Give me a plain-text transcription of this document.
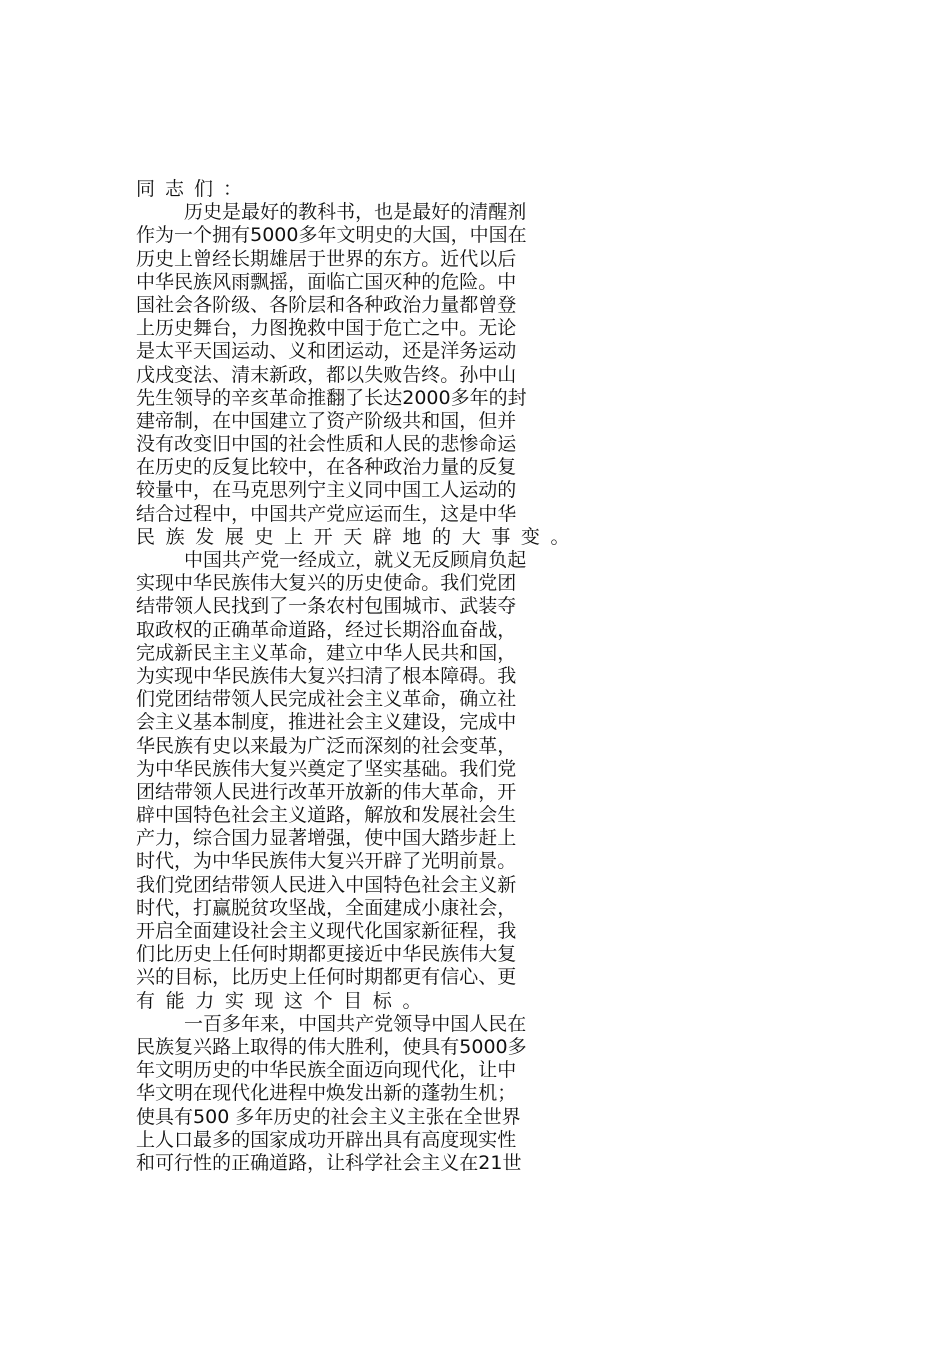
同志们：
历史是最好的教科书，也是最好的清醒剂
作为一个拥有5000多年文明史的大国，中国在
历史上曾经长期雄居于世界的东方。近代以后
中华民族风雨飘摇，面临亡国灭种的危险。中
国社会各阶级、各阶层和各种政治力量都曾登
上历史舞台，力图挽救中国于危亡之中。无论
是太平天国运动、义和团运动，还是洋务运动
戊戌变法、清末新政，都以失败告终。孙中山
先生领导的辛亥革命推翻了长达2000多年的封
建帝制，在中国建立了资产阶级共和国，但并
没有改变旧中国的社会性质和人民的悲惨命运
在历史的反复比较中，在各种政治力量的反复
较量中，在马克思列宁主义同中国工人运动的
结合过程中，中国共产党应运而生，这是中华
民族发展史上开天辟地的大事变。
中国共产党一经成立，就义无反顾肩负起
实现中华民族伟大复兴的历史使命。我们党团
结带领人民找到了一条农村包围城市、武装夺
取政权的正确革命道路，经过长期浴血奋战，
完成新民主主义革命，建立中华人民共和国，
为实现中华民族伟大复兴扫清了根本障碍。我
们党团结带领人民完成社会主义革命，确立社
会主义基本制度，推进社会主义建设，完成中
华民族有史以来最为广泛而深刻的社会变革，
为中华民族伟大复兴奠定了坚实基础。我们党
团结带领人民进行改革开放新的伟大革命，开
辟中国特色社会主义道路，解放和发展社会生
产力，综合国力显著增强，使中国大踏步赶上
时代，为中华民族伟大复兴开辟了光明前景。
我们党团结带领人民进入中国特色社会主义新
时代，打赢脱贫攻坚战，全面建成小康社会，
开启全面建设社会主义现代化国家新征程，我
们比历史上任何时期都更接近中华民族伟大复
兴的目标，比历史上任何时期都更有信心、更
有能力实现这个目标。
一百多年来，中国共产党领导中国人民在
民族复兴路上取得的伟大胜利，使具有5000多
年文明历史的中华民族全面迈向现代化，让中
华文明在现代化进程中焕发出新的蓬勃生机；
使具有500 多年历史的社会主义主张在全世界
上人口最多的国家成功开辟出具有高度现实性
和可行性的正确道路，让科学社会主义在21世
